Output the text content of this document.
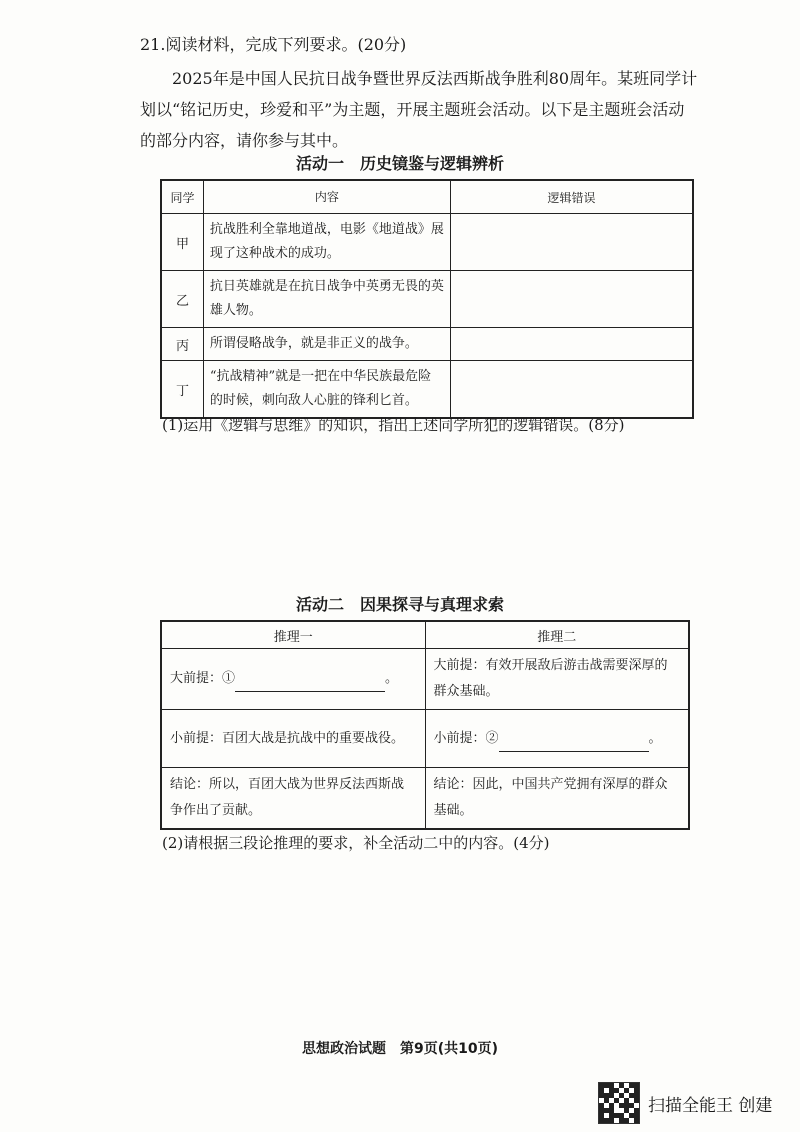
21.阅读材料，完成下列要求。(20分)
2025年是中国人民抗日战争暨世界反法西斯战争胜利80周年。某班同学计划以“铭记历史，珍爱和平”为主题，开展主题班会活动。以下是主题班会活动的部分内容，请你参与其中。
活动一　历史镜鉴与逻辑辨析
同学	内容	逻辑错误
甲	抗战胜利全靠地道战，电影《地道战》展现了这种战术的成功。	
乙	抗日英雄就是在抗日战争中英勇无畏的英雄人物。	
丙	所谓侵略战争，就是非正义的战争。	
丁	“抗战精神”就是一把在中华民族最危险的时候，刺向敌人心脏的锋利匕首。	
(1)运用《逻辑与思维》的知识，指出上述同学所犯的逻辑错误。(8分)
活动二　因果探寻与真理求索
推理一	推理二
大前提：① 。	大前提：有效开展敌后游击战需要深厚的群众基础。
小前提：百团大战是抗战中的重要战役。	小前提：② 。
结论：所以，百团大战为世界反法西斯战争作出了贡献。	结论：因此，中国共产党拥有深厚的群众基础。
(2)请根据三段论推理的要求，补全活动二中的内容。(4分)
思想政治试题　第9页(共10页)
扫描全能王 创建
